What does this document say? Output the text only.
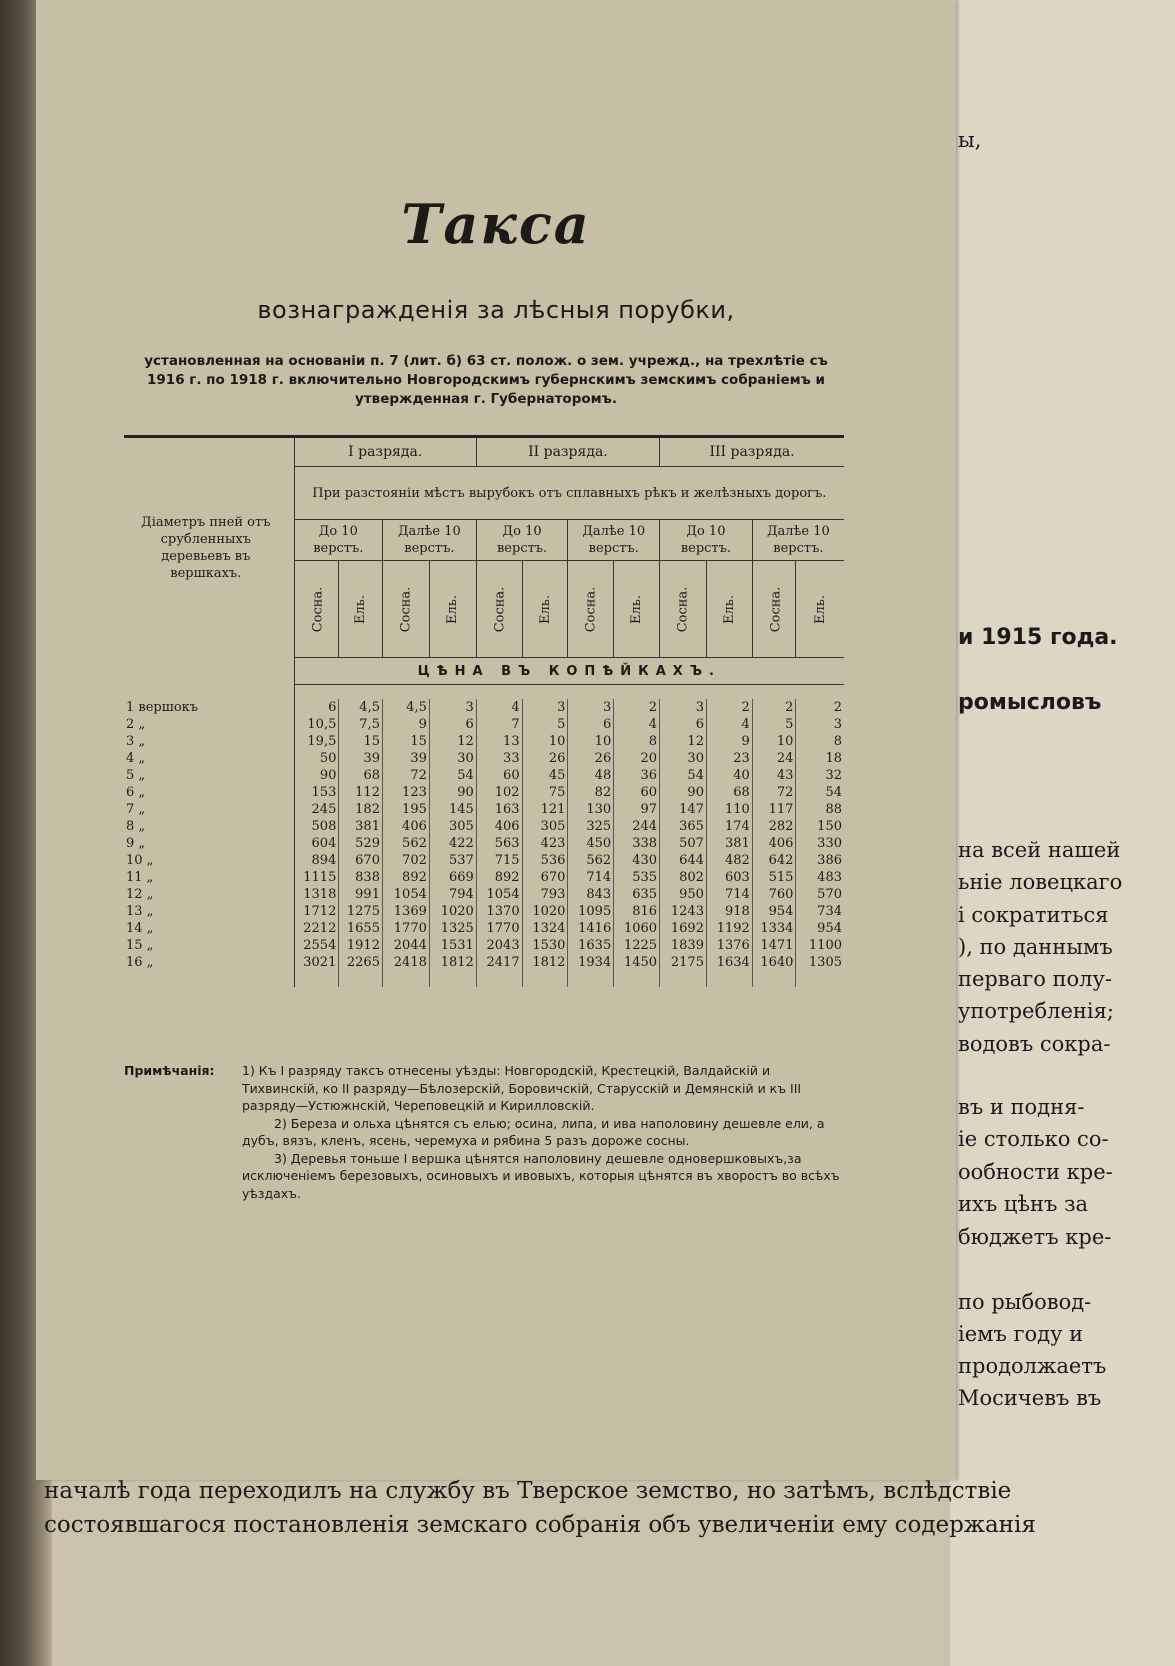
Такса
вознагражденія за лѣсныя порубки,
установленная на основаніи п. 7 (лит. б) 63 ст. полож. о зем. учрежд., на трехлѣтіе съ 1916 г. по 1918 г. включительно Новгородскимъ губернскимъ земскимъ собраніемъ и утвержденная г. Губернаторомъ.
Діаметръ пней отъ срубленныхъ деревьевъ въ вершкахъ.		I разряда.				II разряда.				III разряда.			
		При разстояніи мѣстъ вырубокъ отъ сплавныхъ рѣкъ и желѣзныхъ дорогъ.											
		До 10 верстъ.		Далѣе 10 верстъ.		До 10 верстъ.		Далѣе 10 верстъ.		До 10 верстъ.		Далѣе 10 верстъ.	
		Сосна.	Ель.	Сосна.	Ель.	Сосна.	Ель.	Сосна.	Ель.	Сосна.	Ель.	Сосна.	Ель.
		ЦѢНА ВЪ КОПѢЙКАХЪ.											

1 вершокъ		6	4,5	4,5	3	4	3	3	2	3	2	2	2
2 „		10,5	7,5	9	6	7	5	6	4	6	4	5	3
3 „		19,5	15	15	12	13	10	10	8	12	9	10	8
4 „		50	39	39	30	33	26	26	20	30	23	24	18
5 „		90	68	72	54	60	45	48	36	54	40	43	32
6 „		153	112	123	90	102	75	82	60	90	68	72	54
7 „		245	182	195	145	163	121	130	97	147	110	117	88
8 „		508	381	406	305	406	305	325	244	365	174	282	150
9 „		604	529	562	422	563	423	450	338	507	381	406	330
10 „		894	670	702	537	715	536	562	430	644	482	642	386
11 „		1115	838	892	669	892	670	714	535	802	603	515	483
12 „		1318	991	1054	794	1054	793	843	635	950	714	760	570
13 „		1712	1275	1369	1020	1370	1020	1095	816	1243	918	954	734
14 „		2212	1655	1770	1325	1770	1324	1416	1060	1692	1192	1334	954
15 „		2554	1912	2044	1531	2043	1530	1635	1225	1839	1376	1471	1100
16 „		3021	2265	2418	1812	2417	1812	1934	1450	2175	1634	1640	1305

Примѣчанія: 1) Къ I разряду таксъ отнесены уѣзды: Новгородскій, Крестецкій, Валдайскій и Тихвинскій, ко II разряду—Бѣлозерскій, Боровичскій, Старусскій и Демянскій и къ III разряду—Устюжнскій, Череповецкій и Кирилловскій.

2) Береза и ольха цѣнятся съ елью; осина, липа, и ива наполовину дешевле ели, а дубъ, вязъ, кленъ, ясень, черемуха и рябина 5 разъ дороже сосны.

3) Деревья тоньше I вершка цѣнятся наполовину дешевле одновершковыхъ,за исключеніемъ березовыхъ, осиновыхъ и ивовыхъ, которыя цѣнятся въ хворостъ во всѣхъ уѣздахъ.

ы,
и 1915 года.
ромысловъ
на всей нашей
ьніе ловецкаго
і сократиться
), по даннымъ
перваго полу-
употребленія;
водовъ сокра-
въ и подня-
іе столько со-
ообности кре-
ихъ цѣнъ за
бюджетъ кре-
по рыбовод-
іемъ году и
продолжаетъ
Мосичевъ въ
началѣ года переходилъ на службу въ Тверское земство, но затѣмъ, вслѣдствіе
состоявшагося постановленія земскаго собранія объ увеличеніи ему содержанія
